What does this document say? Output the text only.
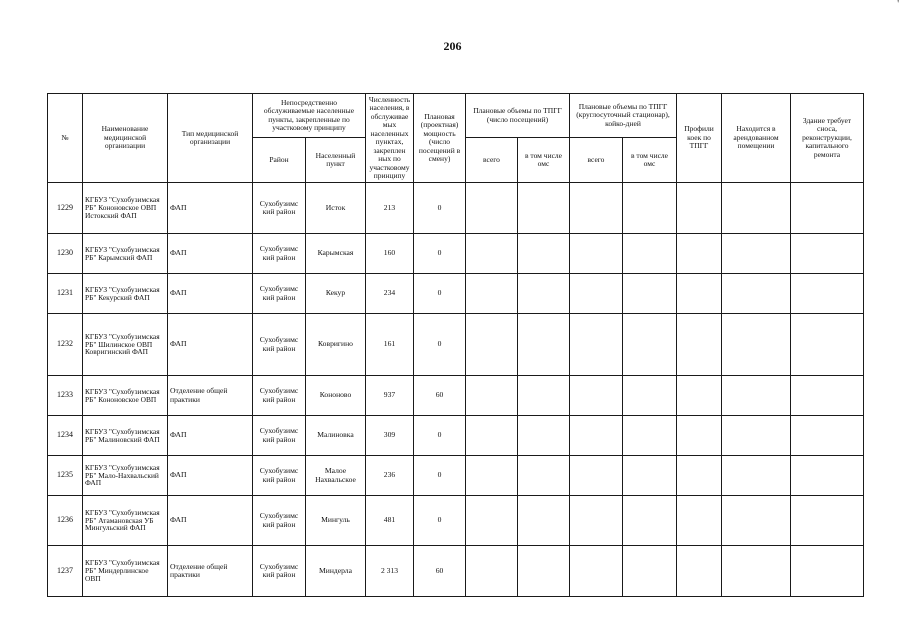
206
'
№	Наименование медицинской организации	Тип медицинской организации	Непосредственно обслуживаемые населенные пункты, закрепленные по участковому принципу		Численность населения, в обслуживае мых населенных пунктах, закреплен ных по участковому принципу	Плановая (проектная) мощность (число посещений в смену)	Плановые объемы по ТПГГ (число посещений)		Плановые объемы по ТПГГ (круглосуточный стационар), койко-дней		Профили коек по ТПГГ	Находится в арендованном помещении	Здание требует сноса, реконструкции, капитального ремонта
			Район	Населенный пункт			всего	в том числе омс	всего	в том числе омс			
1229	КГБУЗ "Сухобузимская РБ" Кононовское ОВП Истокский ФАП	ФАП	Сухобузимс кий район	Исток	213	0							
1230	КГБУЗ "Сухобузимская РБ" Карымский ФАП	ФАП	Сухобузимс кий район	Карымская	160	0							
1231	КГБУЗ "Сухобузимская РБ" Кекурский ФАП	ФАП	Сухобузимс кий район	Кекур	234	0							
1232	КГБУЗ "Сухобузимская РБ" Шилинское ОВП Ковригинский ФАП	ФАП	Сухобузимс кий район	Ковригино	161	0							
1233	КГБУЗ "Сухобузимская РБ" Кононовское ОВП	Отделение общей практики	Сухобузимс кий район	Кононово	937	60							
1234	КГБУЗ "Сухобузимская РБ" Малиновский ФАП	ФАП	Сухобузимс кий район	Малиновка	309	0							
1235	КГБУЗ "Сухобузимская РБ" Мало-Нахвальский ФАП	ФАП	Сухобузимс кий район	Малое Нахвальское	236	0							
1236	КГБУЗ "Сухобузимская РБ" Атамановская УБ Мингульский ФАП	ФАП	Сухобузимс кий район	Мингуль	481	0							
1237	КГБУЗ "Сухобузимская РБ" Миндерлинское ОВП	Отделение общей практики	Сухобузимс кий район	Миндерла	2 313	60							
